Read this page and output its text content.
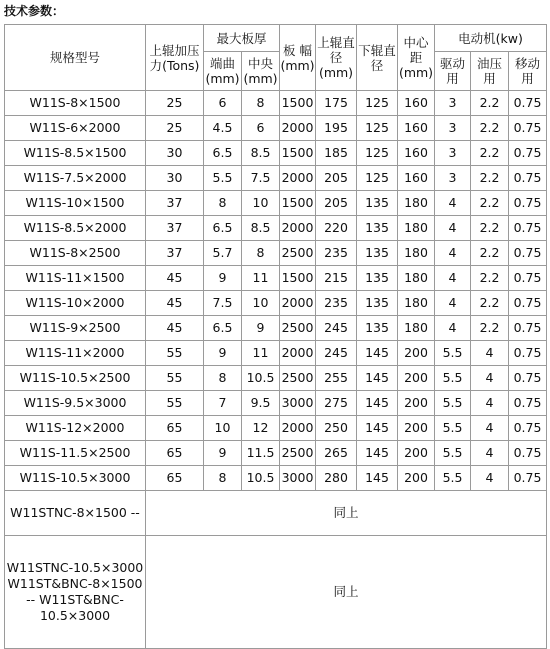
技术参数：
规格型号	上辊加压力(Tons)	最大板厚		板 幅(mm)	上辊直径(mm)	下辊直径	中心距(mm)	电动机(kw)		
		端曲(mm)	中央(mm)					驱动用	油压用	移动用
W11S-8×1500	25	6	8	1500	175	125	160	3	2.2	0.75
W11S-6×2000	25	4.5	6	2000	195	125	160	3	2.2	0.75
W11S-8.5×1500	30	6.5	8.5	1500	185	125	160	3	2.2	0.75
W11S-7.5×2000	30	5.5	7.5	2000	205	125	160	3	2.2	0.75
W11S-10×1500	37	8	10	1500	205	135	180	4	2.2	0.75
W11S-8.5×2000	37	6.5	8.5	2000	220	135	180	4	2.2	0.75
W11S-8×2500	37	5.7	8	2500	235	135	180	4	2.2	0.75
W11S-11×1500	45	9	11	1500	215	135	180	4	2.2	0.75
W11S-10×2000	45	7.5	10	2000	235	135	180	4	2.2	0.75
W11S-9×2500	45	6.5	9	2500	245	135	180	4	2.2	0.75
W11S-11×2000	55	9	11	2000	245	145	200	5.5	4	0.75
W11S-10.5×2500	55	8	10.5	2500	255	145	200	5.5	4	0.75
W11S-9.5×3000	55	7	9.5	3000	275	145	200	5.5	4	0.75
W11S-12×2000	65	10	12	2000	250	145	200	5.5	4	0.75
W11S-11.5×2500	65	9	11.5	2500	265	145	200	5.5	4	0.75
W11S-10.5×3000	65	8	10.5	3000	280	145	200	5.5	4	0.75
W11STNC-8×1500 --	同上									
W11STNC-10.5×3000 W11ST&BNC-8×1500 -- W11ST&BNC-10.5×3000	同上									
